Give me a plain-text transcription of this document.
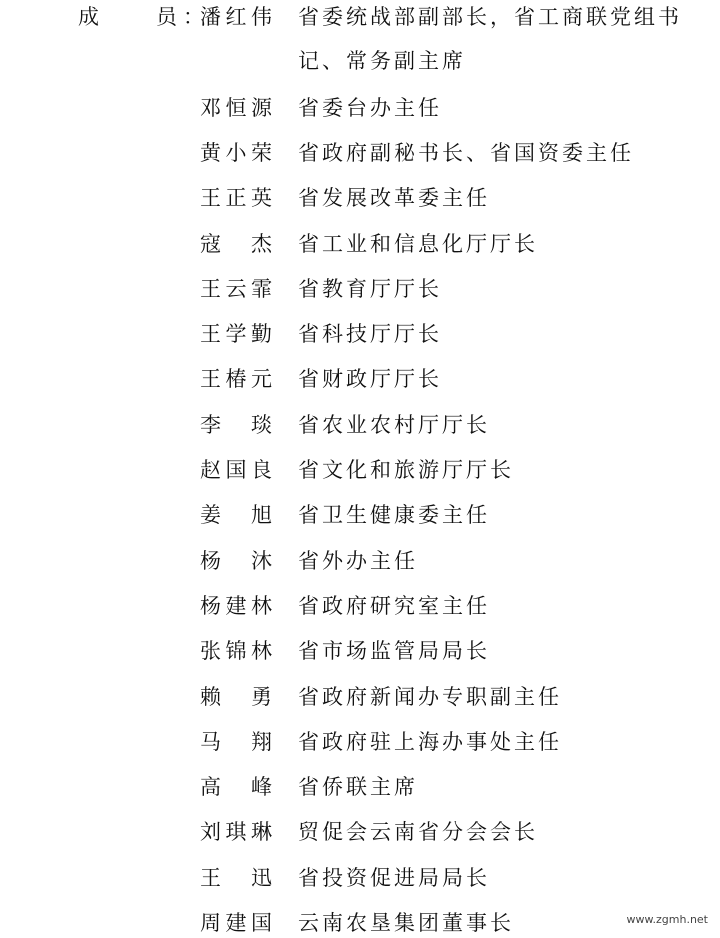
成	员 ：
潘 红 伟 省委统战部副部长，省工商联党组书
记、常务副主席
邓 恒 源 省委台办主任
黄 小 荣 省政府副秘书长、省国资委主任
王 正 英 省发展改革委主任
寇 杰 省工业和信息化厅厅长
王 云 霏 省教育厅厅长
王 学 勤 省科技厅厅长
王 椿 元 省财政厅厅长
李 琰 省农业农村厅厅长
赵 国 良 省文化和旅游厅厅长
姜 旭 省卫生健康委主任
杨 沐 省外办主任
杨 建 林 省政府研究室主任
张 锦 林 省市场监管局局长
赖 勇 省政府新闻办专职副主任
马 翔 省政府驻上海办事处主任
高 峰 省侨联主席
刘 琪 琳 贸促会云南省分会会长
王 迅 省投资促进局局长
周 建 国 云南农垦集团董事长	www.zgmh.net
